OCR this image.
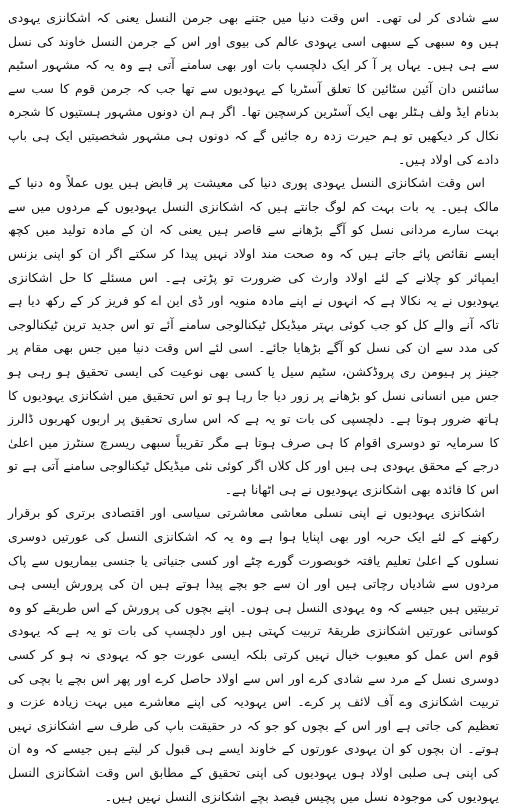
سے شادی کر لی تھی۔ اس وقت دنیا میں جتنے بھی جرمن النسل یعنی کہ اشکانزی یہودی ہیں وہ سبھی کے سبھی اسی یہودی عالم کی بیوی اور اس کے جرمن النسل خاوند کی نسل سے ہی ہیں۔ یہاں پر آ کر ایک دلچسپ بات اور بھی سامنے آتی ہے وہ یہ کہ مشہور اسٹیم سائنس دان آئین سٹائین کا تعلق آسٹریا کے یہودیوں سے تھا جب کہ جرمن قوم کا سب سے بدنام ایڈ ولف ہٹلر بھی ایک آسٹرین کرسچین تھا۔ اگر ہم ان دونوں مشہور ہستیوں کا شجرہ نکال کر دیکھیں تو ہم حیرت زدہ رہ جائیں گے کہ دونوں ہی مشہور شخصیتیں ایک ہی باپ دادے کی اولاد ہیں۔

اس وقت اشکانزی النسل یہودی پوری دنیا کی معیشت پر قابض ہیں یوں عملاً وہ دنیا کے مالک ہیں۔ یہ بات بہت کم لوگ جانتے ہیں کہ اشکانزی النسل یہودیوں کے مردوں میں سے بہت سارے مردانی نسل کو آگے بڑھانے سے قاصر ہیں یعنی کہ ان کے مادہ تولید میں کچھ ایسے نقائص پائے جاتے ہیں کہ وہ صحت مند اولاد نہیں پیدا کر سکتے اگر ان کو اپنی بزنس ایمپائر کو چلانے کے لئے اولاد وارث کی ضرورت تو پڑتی ہے۔ اس مسئلے کا حل اشکانزی یہودیوں نے یہ نکالا ہے کہ انہوں نے اپنے مادہ منویہ اور ڈی این اے کو فریز کر کے رکھ دیا ہے تاکہ آنے والے کل کو جب کوئی بہتر میڈیکل ٹیکنالوجی سامنے آئے تو اس جدید ترین ٹیکنالوجی کی مدد سے ان کی نسل کو آگے بڑھایا جائے۔ اسی لئے اس وقت دنیا میں جس بھی مقام پر جینز پر ہیومن ری پروڈکشن، سٹیم سیل یا کسی بھی نوعیت کی ایسی تحقیق ہو رہی ہو جس میں انسانی نسل کو بڑھانے پر زور دیا جا رہا ہو تو اس تحقیق میں اشکانزی یہودیوں کا ہاتھ ضرور ہوتا ہے۔ دلچسپی کی بات تو یہ ہے کہ اس ساری تحقیق پر اربوں کھربوں ڈالرز کا سرمایہ تو دوسری اقوام کا ہی صرف ہوتا ہے مگر تقریباً سبھی ریسرچ سنٹرز میں اعلیٰ درجے کے محقق یہودی ہی ہیں اور کل کلاں اگر کوئی نئی میڈیکل ٹیکنالوجی سامنے آتی ہے تو اس کا فائدہ بھی اشکانزی یہودیوں نے ہی اٹھانا ہے۔

اشکانزی یہودیوں نے اپنی نسلی معاشی معاشرتی سیاسی اور اقتصادی برتری کو برقرار رکھنے کے لئے ایک حربہ اور بھی اپنایا ہوا ہے وہ یہ کہ اشکانزی النسل کی عورتیں دوسری نسلوں کے اعلیٰ تعلیم یافتہ خوبصورت گورے چٹے اور کسی جنیاتی یا جنسی بیماریوں سے پاک مردوں سے شادیاں رچاتی ہیں اور ان سے جو بچے پیدا ہوتے ہیں ان کی پرورش ایسی ہی تربیتیں ہیں جیسے کہ وہ یہودی النسل ہی ہوں۔ اپنے بچوں کی پرورش کے اس طریقے کو وہ کوسانی عورتیں اشکانزی طریقۂ تربیت کہتی ہیں اور دلچسپ کی بات تو یہ ہے کہ یہودی قوم اس عمل کو معیوب خیال نہیں کرتی بلکہ ایسی عورت جو کہ یہودی نہ ہو کر کسی دوسری نسل کے مرد سے شادی کرے اور اس سے اولاد حاصل کرے اور پھر اس بچے یا بچی کی تربیت اشکانزی وے آف لائف پر کرے۔ اس یہودیہ کی اپنے معاشرے میں بہت زیادہ عزت و تعظیم کی جاتی ہے اور اس کے بچوں کو جو کہ در حقیقت باپ کی طرف سے اشکانزی نہیں ہوتے۔ ان بچوں کو ان یہودی عورتوں کے خاوند ایسے ہی قبول کر لیتے ہیں جیسے کہ وہ ان کی اپنی ہی صلبی اولاد ہوں یہودیوں کی اپنی تحقیق کے مطابق اس وقت اشکانزی النسل یہودیوں کی موجودہ نسل میں پچیس فیصد بچے اشکانزی النسل نہیں ہیں۔
